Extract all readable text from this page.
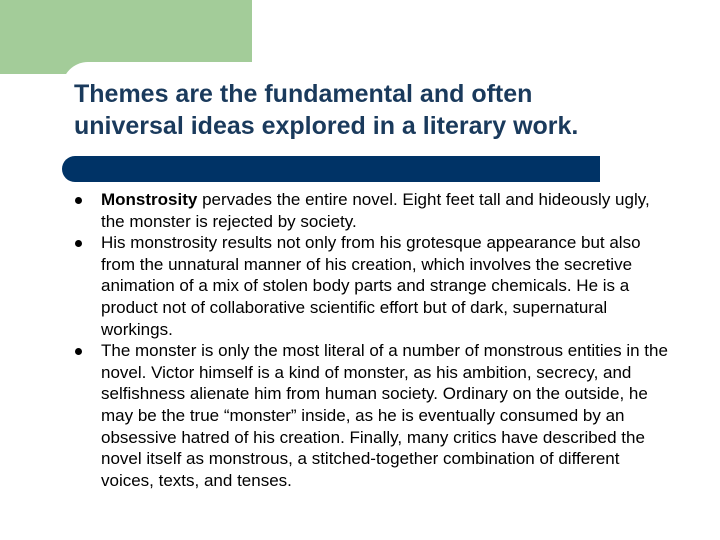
Themes are the fundamental and often
universal ideas explored in a literary work.
Monstrosity pervades the entire novel. Eight feet tall and hideously ugly, the monster is rejected by society.
His monstrosity results not only from his grotesque appearance but also from the unnatural manner of his creation, which involves the secretive animation of a mix of stolen body parts and strange chemicals. He is a product not of collaborative scientific effort but of dark, supernatural workings.
The monster is only the most literal of a number of monstrous entities in the novel. Victor himself is a kind of monster, as his ambition, secrecy, and selfishness alienate him from human society. Ordinary on the outside, he may be the true “monster” inside, as he is eventually consumed by an obsessive hatred of his creation. Finally, many critics have described the novel itself as monstrous, a stitched-together combination of different voices, texts, and tenses.
